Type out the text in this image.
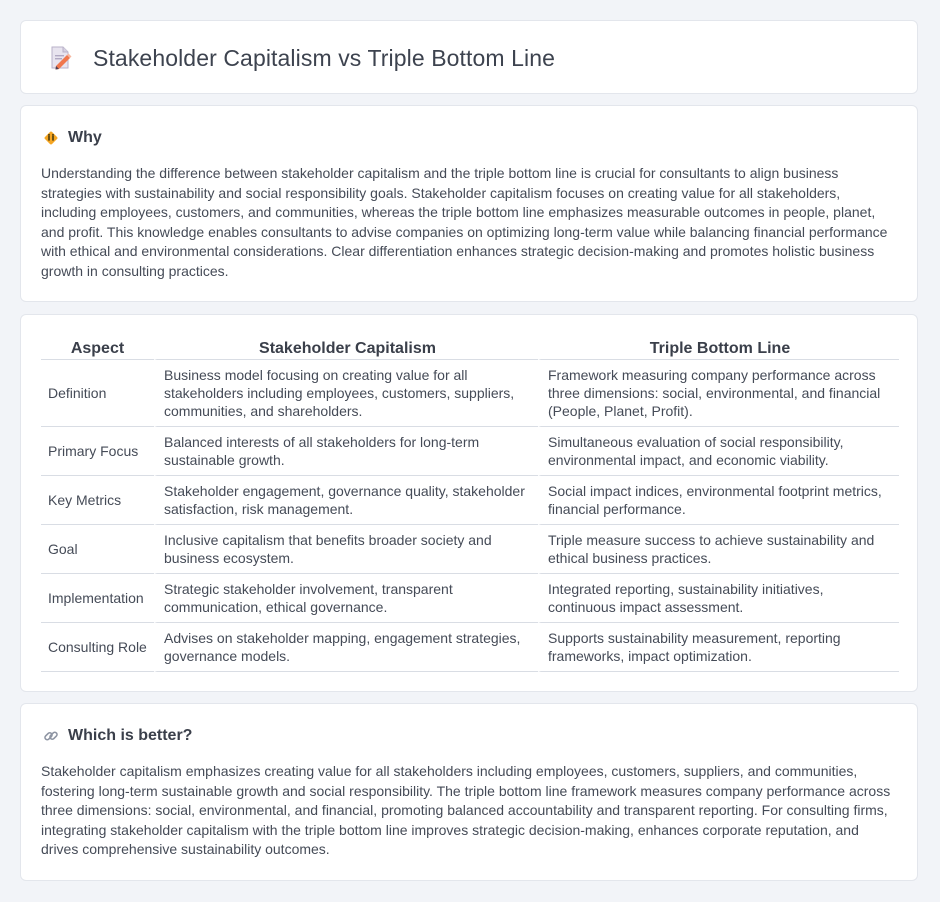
Stakeholder Capitalism vs Triple Bottom Line
Why
Understanding the difference between stakeholder capitalism and the triple bottom line is crucial for consultants to align business strategies with sustainability and social responsibility goals. Stakeholder capitalism focuses on creating value for all stakeholders, including employees, customers, and communities, whereas the triple bottom line emphasizes measurable outcomes in people, planet, and profit. This knowledge enables consultants to advise companies on optimizing long-term value while balancing financial performance with ethical and environmental considerations. Clear differentiation enhances strategic decision-making and promotes holistic business growth in consulting practices.
Aspect	Stakeholder Capitalism	Triple Bottom Line
Definition	Business model focusing on creating value for all stakeholders including employees, customers, suppliers, communities, and shareholders.	Framework measuring company performance across three dimensions: social, environmental, and financial (People, Planet, Profit).
Primary Focus	Balanced interests of all stakeholders for long-term sustainable growth.	Simultaneous evaluation of social responsibility, environmental impact, and economic viability.
Key Metrics	Stakeholder engagement, governance quality, stakeholder satisfaction, risk management.	Social impact indices, environmental footprint metrics, financial performance.
Goal	Inclusive capitalism that benefits broader society and business ecosystem.	Triple measure success to achieve sustainability and ethical business practices.
Implementation	Strategic stakeholder involvement, transparent communication, ethical governance.	Integrated reporting, sustainability initiatives, continuous impact assessment.
Consulting Role	Advises on stakeholder mapping, engagement strategies, governance models.	Supports sustainability measurement, reporting frameworks, impact optimization.
Which is better?
Stakeholder capitalism emphasizes creating value for all stakeholders including employees, customers, suppliers, and communities, fostering long-term sustainable growth and social responsibility. The triple bottom line framework measures company performance across three dimensions: social, environmental, and financial, promoting balanced accountability and transparent reporting. For consulting firms, integrating stakeholder capitalism with the triple bottom line improves strategic decision-making, enhances corporate reputation, and drives comprehensive sustainability outcomes.
